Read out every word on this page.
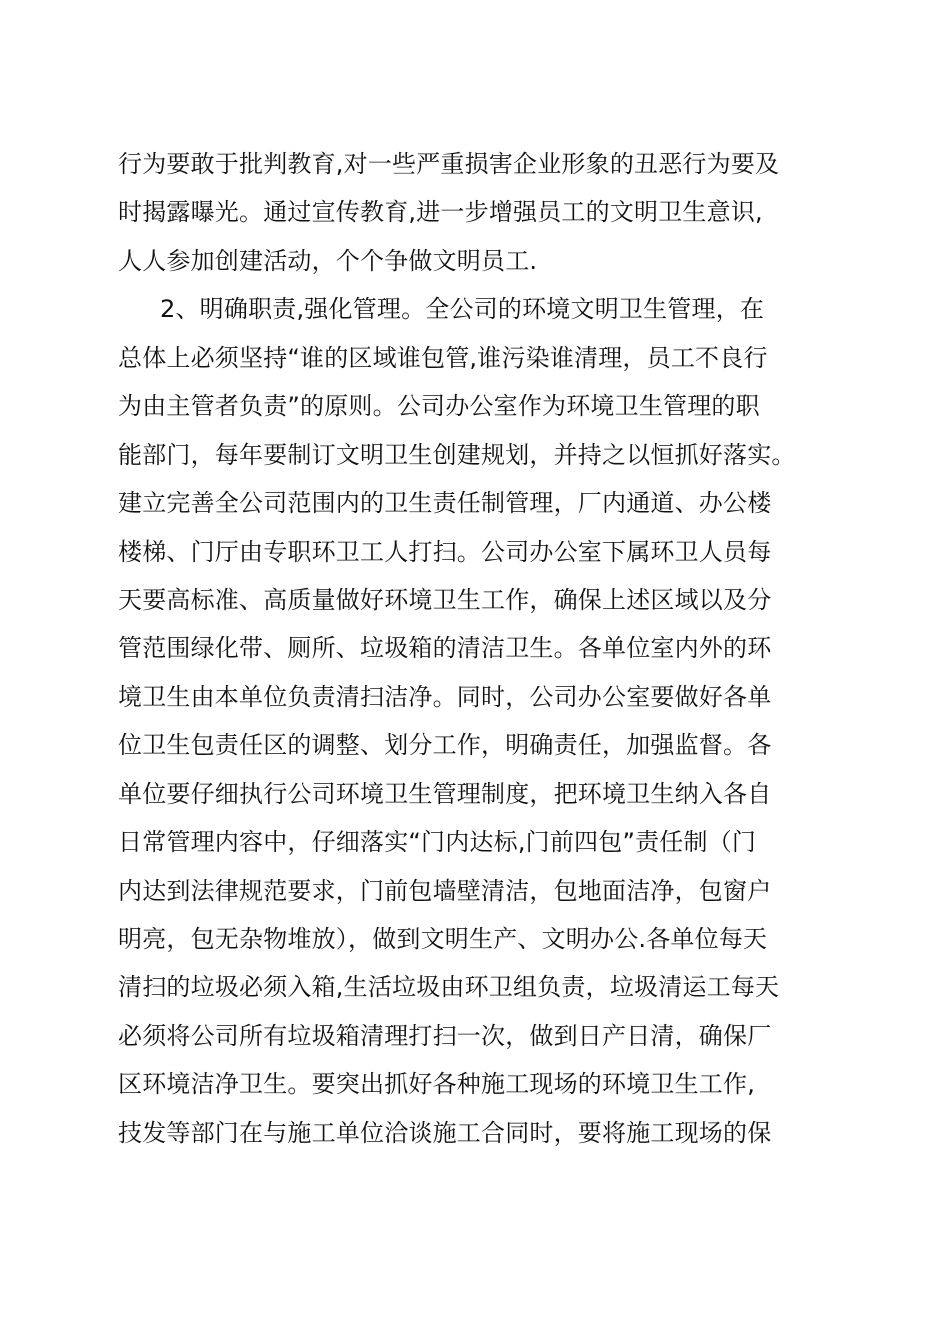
行为要敢于批判教育,对一些严重损害企业形象的丑恶行为要及
时揭露曝光。通过宣传教育,进一步增强员工的文明卫生意识,
人人参加创建活动，个个争做文明员工.
2、明确职责,强化管理。全公司的环境文明卫生管理，在
总体上必须坚持“谁的区域谁包管,谁污染谁清理，员工不良行
为由主管者负责”的原则。公司办公室作为环境卫生管理的职
能部门，每年要制订文明卫生创建规划，并持之以恒抓好落实。
建立完善全公司范围内的卫生责任制管理，厂内通道、办公楼
楼梯、门厅由专职环卫工人打扫。公司办公室下属环卫人员每
天要高标准、高质量做好环境卫生工作，确保上述区域以及分
管范围绿化带、厕所、垃圾箱的清洁卫生。各单位室内外的环
境卫生由本单位负责清扫洁净。同时，公司办公室要做好各单
位卫生包责任区的调整、划分工作，明确责任，加强监督。各
单位要仔细执行公司环境卫生管理制度，把环境卫生纳入各自
日常管理内容中，仔细落实“门内达标,门前四包”责任制（门
内达到法律规范要求，门前包墙壁清洁，包地面洁净，包窗户
明亮，包无杂物堆放），做到文明生产、文明办公.各单位每天
清扫的垃圾必须入箱,生活垃圾由环卫组负责，垃圾清运工每天
必须将公司所有垃圾箱清理打扫一次，做到日产日清，确保厂
区环境洁净卫生。要突出抓好各种施工现场的环境卫生工作,
技发等部门在与施工单位洽谈施工合同时，要将施工现场的保
